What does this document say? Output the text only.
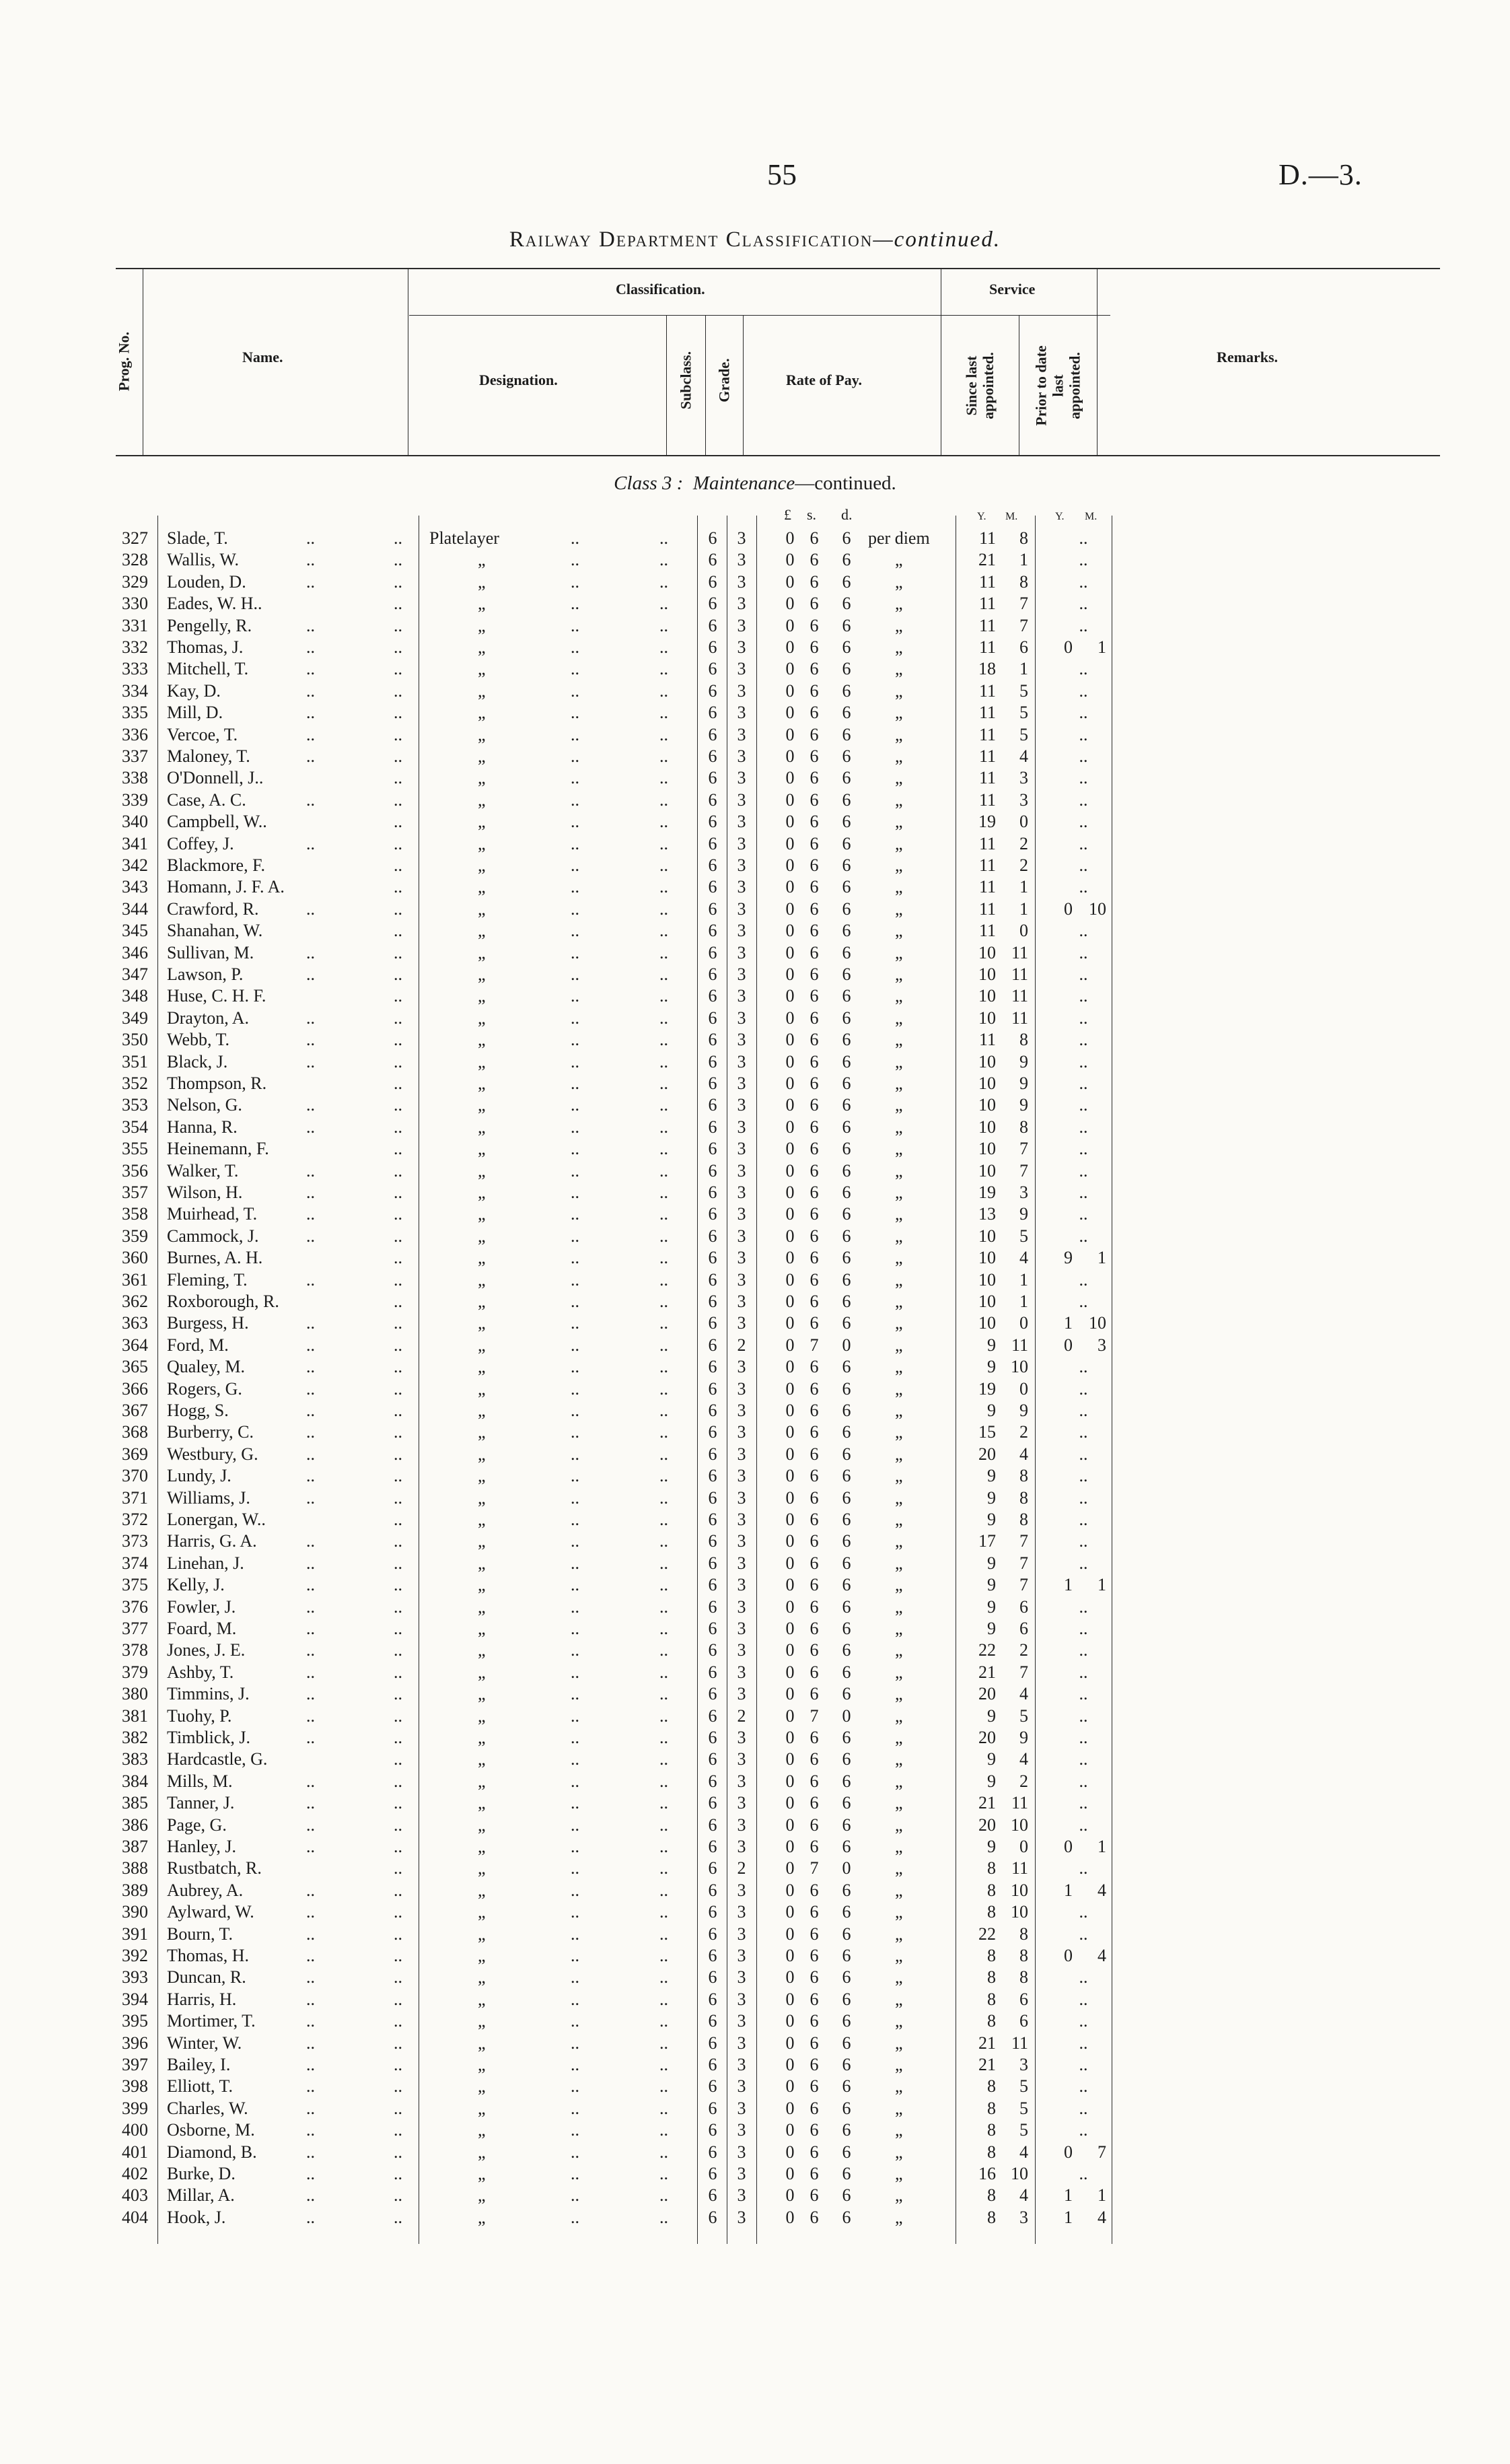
55	D.—3.
Railway Department Classification—continued.
Prog. No.	Name.
Classification.
Designation.	Subclass. Grade.	Rate of Pay.
Service
Since last
appointed. Prior to date
last
appointed.	Remarks.
Class 3 : Maintenance—continued.
£ s. d.	Y. M.	Y. M.
327 Slade, T.	..	.. Platelayer	..	..	6	3	0 6 6 per diem	11	8	..
328 Wallis, W.	..	..	„	..	..	6	3	0 6 6	„	21	1	..
329 Louden, D.	..	..	„	..	..	6	3	0 6 6	„	11	8	..
330 Eades, W. H..	..	„	..	..	6	3	0 6 6	„	11	7	..
331 Pengelly, R.	..	..	„	..	..	6	3	0 6 6	„	11	7	..
332 Thomas, J.	..	..	„	..	..	6	3	0 6 6	„	11	6	0	1
333 Mitchell, T.	..	..	„	..	..	6	3	0 6 6	„	18	1	..
334 Kay, D.	..	..	„	..	..	6	3	0 6 6	„	11	5	..
335 Mill, D.	..	..	„	..	..	6	3	0 6 6	„	11	5	..
336 Vercoe, T.	..	..	„	..	..	6	3	0 6 6	„	11	5	..
337 Maloney, T.	..	..	„	..	..	6	3	0 6 6	„	11	4	..
338 O'Donnell, J..	..	„	..	..	6	3	0 6 6	„	11	3	..
339 Case, A. C.	..	..	„	..	..	6	3	0 6 6	„	11	3	..
340 Campbell, W..	..	„	..	..	6	3	0 6 6	„	19	0	..
341 Coffey, J.	..	..	„	..	..	6	3	0 6 6	„	11	2	..
342 Blackmore, F.	..	„	..	..	6	3	0 6 6	„	11	2	..
343 Homann, J. F. A.	..	„	..	..	6	3	0 6 6	„	11	1	..
344 Crawford, R.	..	..	„	..	..	6	3	0 6 6	„	11	1	0 10
345 Shanahan, W.	..	„	..	..	6	3	0 6 6	„	11	0	..
346 Sullivan, M.	..	..	„	..	..	6	3	0 6 6	„	10 11	..
347 Lawson, P.	..	..	„	..	..	6	3	0 6 6	„	10 11	..
348 Huse, C. H. F.	..	„	..	..	6	3	0 6 6	„	10 11	..
349 Drayton, A.	..	..	„	..	..	6	3	0 6 6	„	10 11	..
350 Webb, T.	..	..	„	..	..	6	3	0 6 6	„	11	8	..
351 Black, J.	..	..	„	..	..	6	3	0 6 6	„	10	9	..
352 Thompson, R.	..	„	..	..	6	3	0 6 6	„	10	9	..
353 Nelson, G.	..	..	„	..	..	6	3	0 6 6	„	10	9	..
354 Hanna, R.	..	..	„	..	..	6	3	0 6 6	„	10	8	..
355 Heinemann, F.	..	„	..	..	6	3	0 6 6	„	10	7	..
356 Walker, T.	..	..	„	..	..	6	3	0 6 6	„	10	7	..
357 Wilson, H.	..	..	„	..	..	6	3	0 6 6	„	19	3	..
358 Muirhead, T.	..	..	„	..	..	6	3	0 6 6	„	13	9	..
359 Cammock, J.	..	..	„	..	..	6	3	0 6 6	„	10	5	..
360 Burnes, A. H.	..	„	..	..	6	3	0 6 6	„	10	4	9	1
361 Fleming, T.	..	..	„	..	..	6	3	0 6 6	„	10	1	..
362 Roxborough, R.	..	„	..	..	6	3	0 6 6	„	10	1	..
363 Burgess, H.	..	..	„	..	..	6	3	0 6 6	„	10	0	1 10
364 Ford, M.	..	..	„	..	..	6	2	0 7 0	„	9 11	0	3
365 Qualey, M.	..	..	„	..	..	6	3	0 6 6	„	9 10	..
366 Rogers, G.	..	..	„	..	..	6	3	0 6 6	„	19	0	..
367 Hogg, S.	..	..	„	..	..	6	3	0 6 6	„	9	9	..
368 Burberry, C.	..	..	„	..	..	6	3	0 6 6	„	15	2	..
369 Westbury, G.	..	..	„	..	..	6	3	0 6 6	„	20	4	..
370 Lundy, J.	..	..	„	..	..	6	3	0 6 6	„	9	8	..
371 Williams, J.	..	..	„	..	..	6	3	0 6 6	„	9	8	..
372 Lonergan, W..	..	„	..	..	6	3	0 6 6	„	9	8	..
373 Harris, G. A.	..	..	„	..	..	6	3	0 6 6	„	17	7	..
374 Linehan, J.	..	..	„	..	..	6	3	0 6 6	„	9	7	..
375 Kelly, J.	..	..	„	..	..	6	3	0 6 6	„	9	7	1	1
376 Fowler, J.	..	..	„	..	..	6	3	0 6 6	„	9	6	..
377 Foard, M.	..	..	„	..	..	6	3	0 6 6	„	9	6	..
378 Jones, J. E.	..	..	„	..	..	6	3	0 6 6	„	22	2	..
379 Ashby, T.	..	..	„	..	..	6	3	0 6 6	„	21	7	..
380 Timmins, J.	..	..	„	..	..	6	3	0 6 6	„	20	4	..
381 Tuohy, P.	..	..	„	..	..	6	2	0 7 0	„	9	5	..
382 Timblick, J.	..	..	„	..	..	6	3	0 6 6	„	20	9	..
383 Hardcastle, G.	..	„	..	..	6	3	0 6 6	„	9	4	..
384 Mills, M.	..	..	„	..	..	6	3	0 6 6	„	9	2	..
385 Tanner, J.	..	..	„	..	..	6	3	0 6 6	„	21 11	..
386 Page, G.	..	..	„	..	..	6	3	0 6 6	„	20 10	..
387 Hanley, J.	..	..	„	..	..	6	3	0 6 6	„	9	0	0	1
388 Rustbatch, R.	..	„	..	..	6	2	0 7 0	„	8 11	..
389 Aubrey, A.	..	..	„	..	..	6	3	0 6 6	„	8 10	1	4
390 Aylward, W.	..	..	„	..	..	6	3	0 6 6	„	8 10	..
391 Bourn, T.	..	..	„	..	..	6	3	0 6 6	„	22	8	..
392 Thomas, H.	..	..	„	..	..	6	3	0 6 6	„	8	8	0	4
393 Duncan, R.	..	..	„	..	..	6	3	0 6 6	„	8	8	..
394 Harris, H.	..	..	„	..	..	6	3	0 6 6	„	8	6	..
395 Mortimer, T.	..	..	„	..	..	6	3	0 6 6	„	8	6	..
396 Winter, W.	..	..	„	..	..	6	3	0 6 6	„	21 11	..
397 Bailey, I.	..	..	„	..	..	6	3	0 6 6	„	21	3	..
398 Elliott, T.	..	..	„	..	..	6	3	0 6 6	„	8	5	..
399 Charles, W.	..	..	„	..	..	6	3	0 6 6	„	8	5	..
400 Osborne, M.	..	..	„	..	..	6	3	0 6 6	„	8	5	..
401 Diamond, B.	..	..	„	..	..	6	3	0 6 6	„	8	4	0	7
402 Burke, D.	..	..	„	..	..	6	3	0 6 6	„	16 10	..
403 Millar, A.	..	..	„	..	..	6	3	0 6 6	„	8	4	1	1
404 Hook, J.	..	..	„	..	..	6	3	0 6 6	„	8	3	1	4
